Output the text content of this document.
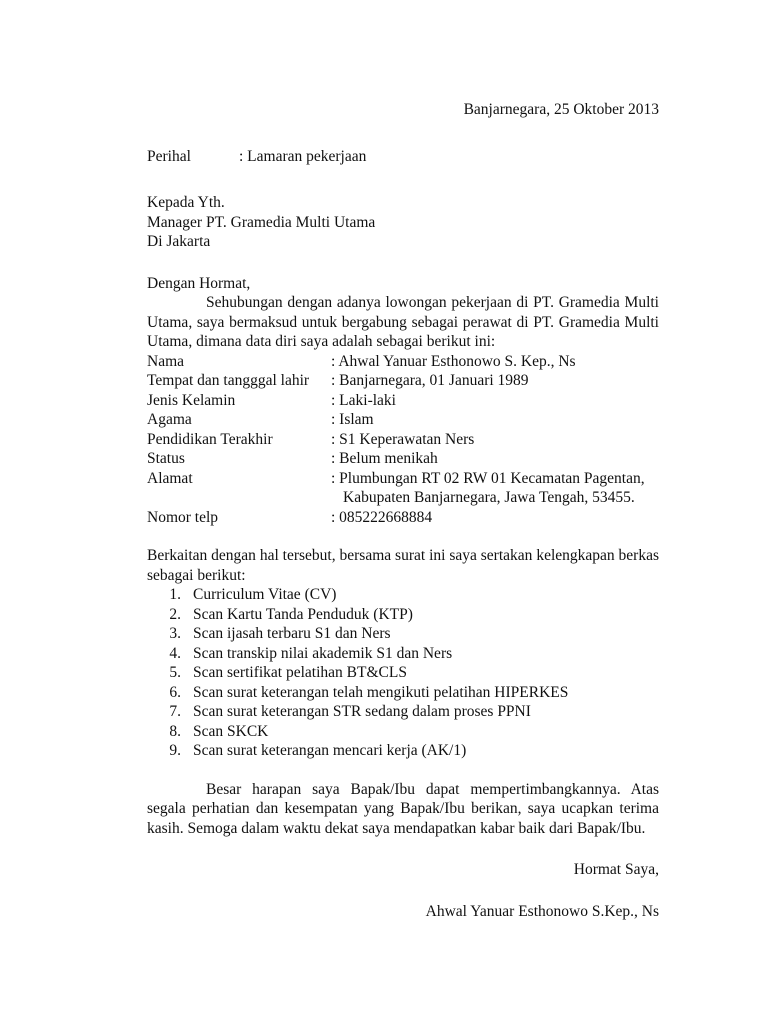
Banjarnegara, 25 Oktober 2013
Perihal	: Lamaran pekerjaan
Kepada Yth.
Manager PT. Gramedia Multi Utama
Di Jakarta
Dengan Hormat,
Sehubungan dengan adanya lowongan pekerjaan di PT. Gramedia Multi Utama, saya bermaksud untuk bergabung sebagai perawat di PT. Gramedia Multi Utama, dimana data diri saya adalah sebagai berikut ini:
Nama	: Ahwal Yanuar Esthonowo S. Kep., Ns
Tempat dan tangggal lahir	: Banjarnegara, 01 Januari 1989
Jenis Kelamin	: Laki-laki
Agama	: Islam
Pendidikan Terakhir	: S1 Keperawatan Ners
Status	: Belum menikah
Alamat	: Plumbungan RT 02 RW 01 Kecamatan Pagentan,
Kabupaten Banjarnegara, Jawa Tengah, 53455.
Nomor telp	: 085222668884
Berkaitan dengan hal tersebut, bersama surat ini saya sertakan kelengkapan berkas sebagai berikut:
1. Curriculum Vitae (CV)
2. Scan Kartu Tanda Penduduk (KTP)
3. Scan ijasah terbaru S1 dan Ners
4. Scan transkip nilai akademik S1 dan Ners
5. Scan sertifikat pelatihan BT&CLS
6. Scan surat keterangan telah mengikuti pelatihan HIPERKES
7. Scan surat keterangan STR sedang dalam proses PPNI
8. Scan SKCK
9. Scan surat keterangan mencari kerja (AK/1)
Besar harapan saya Bapak/Ibu dapat mempertimbangkannya. Atas segala perhatian dan kesempatan yang Bapak/Ibu berikan, saya ucapkan terima kasih. Semoga dalam waktu dekat saya mendapatkan kabar baik dari Bapak/Ibu.
Hormat Saya,
Ahwal Yanuar Esthonowo S.Kep., Ns
